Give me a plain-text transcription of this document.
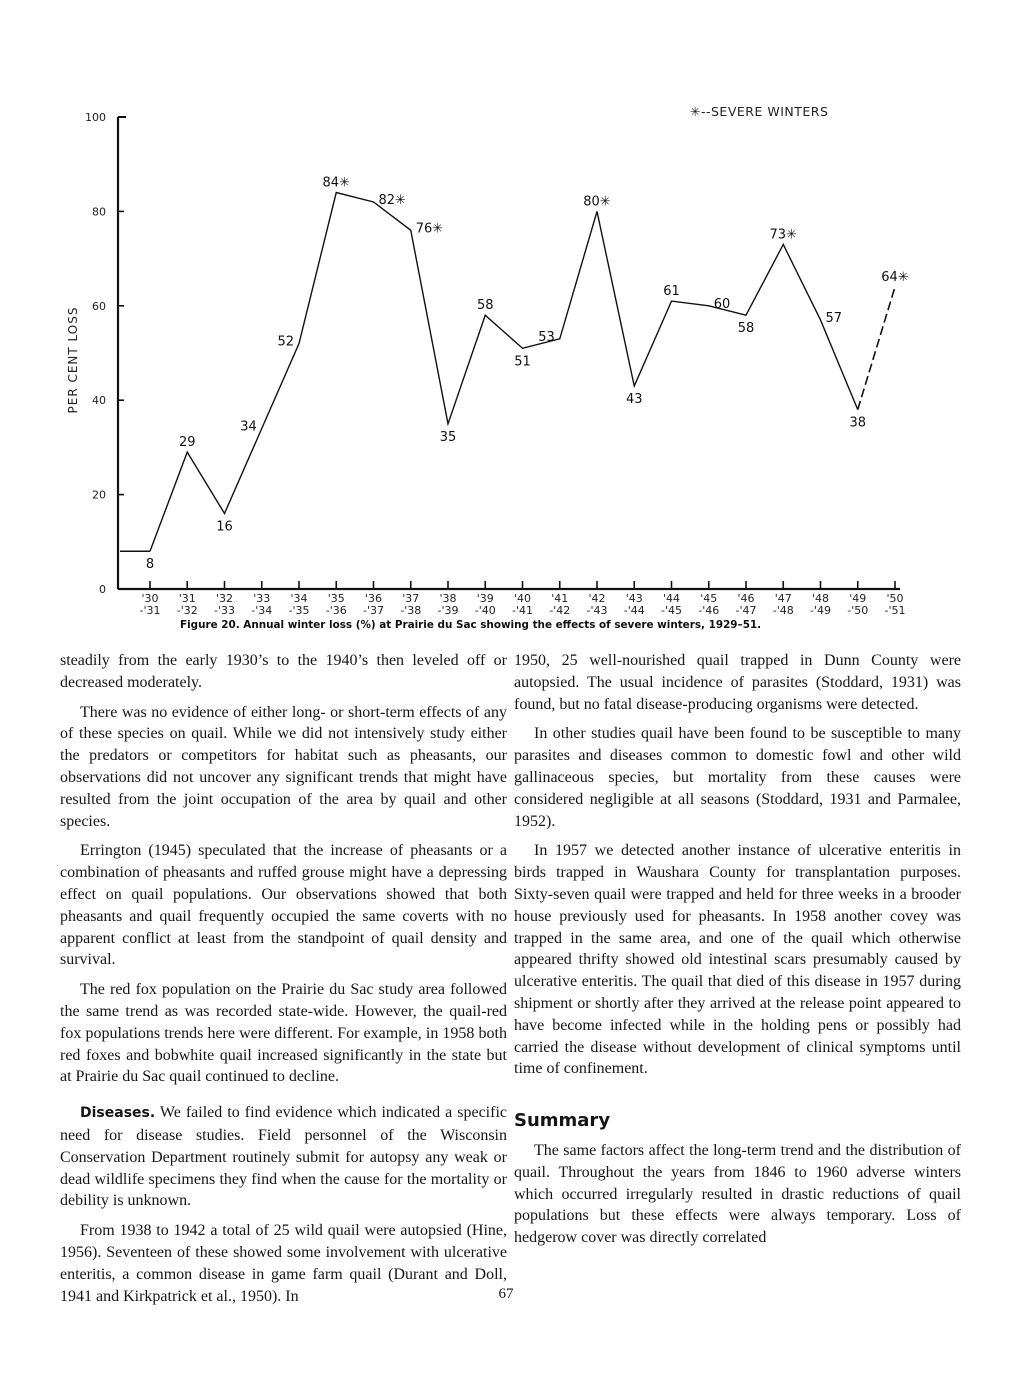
PER CENT LOSS
✳--SEVERE WINTERS
0
20
40
60
80
100
'30
-'31
'31
-'32
'32
-'33
'33
-'34
'34
-'35
'35
-'36
'36
-'37
'37
-'38
'38
-'39
'39
-'40
'40
-'41
'41
-'42
'42
-'43
'43
-'44
'44
-'45
'45
-'46
'46
-'47
'47
-'48
'48
-'49
'49
-'50
'50
-'51
8
29
16
34
52
84✳
82✳
76✳
35
58
51
53
80✳
43
61
60
58
73✳
57
38
64✳
Figure 20. Annual winter loss (%) at Prairie du Sac showing the effects of severe winters, 1929–51.

steadily from the early 1930’s to the 1940’s then leveled off or decreased moderately.

There was no evidence of either long- or short-term effects of any of these species on quail. While we did not intensively study either the predators or competitors for habitat such as pheasants, our observations did not uncover any significant trends that might have resulted from the joint occupation of the area by quail and other species.

Errington (1945) speculated that the increase of pheasants or a combination of pheasants and ruffed grouse might have a depressing effect on quail populations. Our observations showed that both pheasants and quail frequently occupied the same coverts with no apparent conflict at least from the standpoint of quail density and survival.

The red fox population on the Prairie du Sac study area followed the same trend as was recorded state-wide. However, the quail-red fox populations trends here were different. For example, in 1958 both red foxes and bobwhite quail increased significantly in the state but at Prairie du Sac quail continued to decline.

Diseases. We failed to find evidence which indicated a specific need for disease studies. Field personnel of the Wisconsin Conservation Department routinely submit for autopsy any weak or dead wildlife specimens they find when the cause for the mortality or debility is unknown.

From 1938 to 1942 a total of 25 wild quail were autopsied (Hine, 1956). Seventeen of these showed some involvement with ulcerative enteritis, a common disease in game farm quail (Durant and Doll, 1941 and Kirkpatrick et al., 1950). In

1950, 25 well-nourished quail trapped in Dunn County were autopsied. The usual incidence of parasites (Stoddard, 1931) was found, but no fatal disease-producing organisms were detected.

In other studies quail have been found to be susceptible to many parasites and diseases common to domestic fowl and other wild gallinaceous species, but mortality from these causes were considered negligible at all seasons (Stoddard, 1931 and Parmalee, 1952).

In 1957 we detected another instance of ulcerative enteritis in birds trapped in Waushara County for transplantation purposes. Sixty-seven quail were trapped and held for three weeks in a brooder house previously used for pheasants. In 1958 another covey was trapped in the same area, and one of the quail which otherwise appeared thrifty showed old intestinal scars presumably caused by ulcerative enteritis. The quail that died of this disease in 1957 during shipment or shortly after they arrived at the release point appeared to have become infected while in the holding pens or possibly had carried the disease without development of clinical symptoms until time of confinement.

Summary

The same factors affect the long-term trend and the distribution of quail. Throughout the years from 1846 to 1960 adverse winters which occurred irregularly resulted in drastic reductions of quail populations but these effects were always temporary. Loss of hedgerow cover was directly correlated

67
